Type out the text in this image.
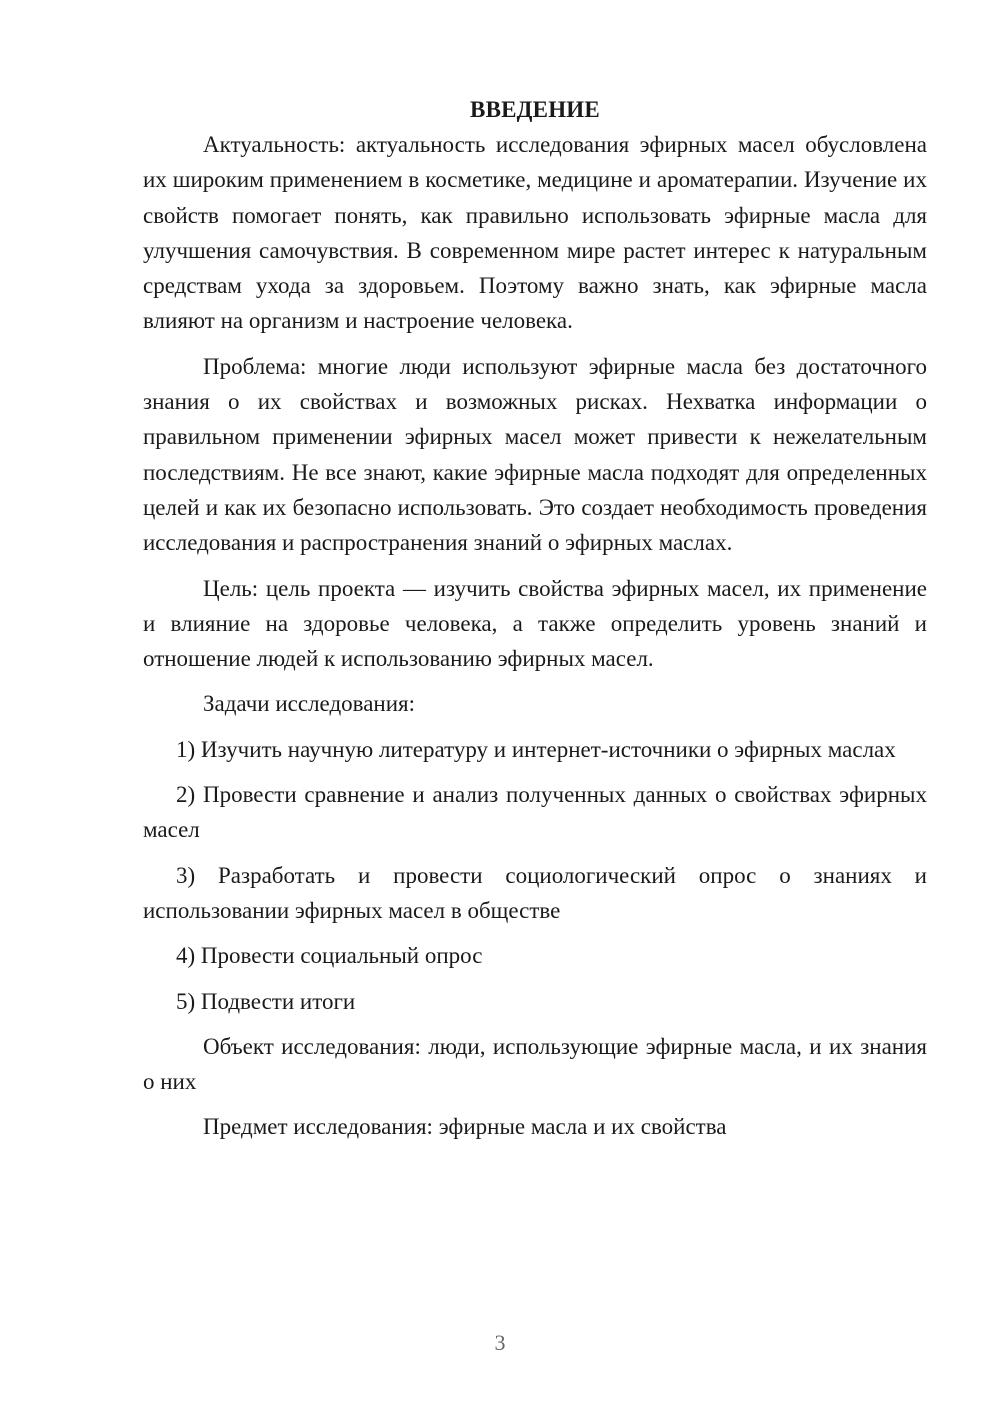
ВВЕДЕНИЕ

Актуальность: актуальность исследования эфирных масел обусловлена их широким применением в косметике, медицине и ароматерапии. Изучение их свойств помогает понять, как правильно использовать эфирные масла для улучшения самочувствия. В современном мире растет интерес к натуральным средствам ухода за здоровьем. Поэтому важно знать, как эфирные масла влияют на организм и настроение человека.

Проблема: многие люди используют эфирные масла без достаточного знания о их свойствах и возможных рисках. Нехватка информации о правильном применении эфирных масел может привести к нежелательным последствиям. Не все знают, какие эфирные масла подходят для определенных целей и как их безопасно использовать. Это создает необходимость проведения исследования и распространения знаний о эфирных маслах.

Цель: цель проекта — изучить свойства эфирных масел, их применение и влияние на здоровье человека, а также определить уровень знаний и отношение людей к использованию эфирных масел.

Задачи исследования:

1) Изучить научную литературу и интернет-источники о эфирных маслах

2) Провести сравнение и анализ полученных данных о свойствах эфирных масел

3) Разработать и провести социологический опрос о знаниях и использовании эфирных масел в обществе

4) Провести социальный опрос

5) Подвести итоги

Объект исследования: люди, использующие эфирные масла, и их знания о них

Предмет исследования: эфирные масла и их свойства

3
